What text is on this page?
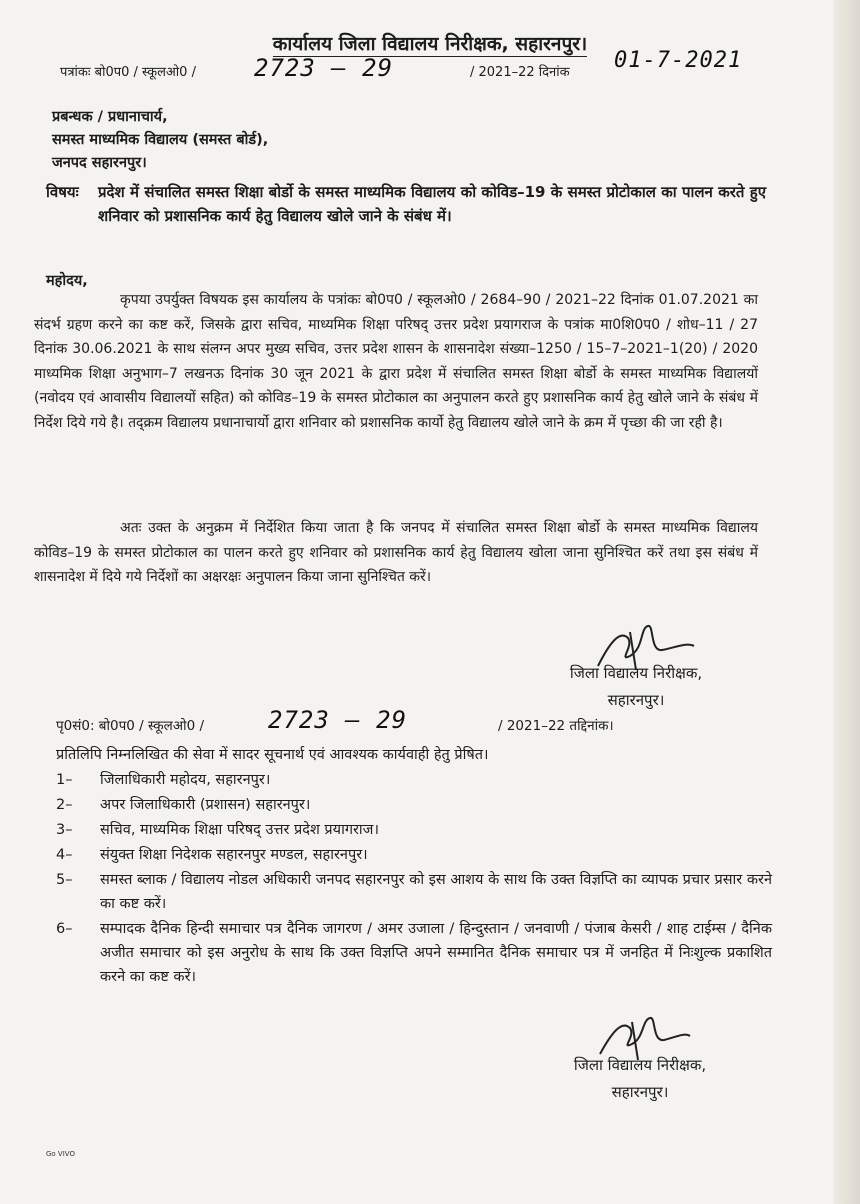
कार्यालय जिला विद्यालय निरीक्षक, सहारनपुर।
पत्रांकः बो0प0 / स्कूलओ0 / 2723 – 29	/ 2021–22 दिनांक 01-7-2021
प्रबन्धक / प्रधानाचार्य,
समस्त माध्यमिक विद्यालय (समस्त बोर्ड),
जनपद सहारनपुर।
विषयः	प्रदेश में संचालित समस्त शिक्षा बोर्डो के समस्त माध्यमिक विद्यालय को कोविड–19 के समस्त प्रोटोकाल का पालन करते हुए शनिवार को प्रशासनिक कार्य हेतु विद्यालय खोले जाने के संबंध में।
महोदय,
कृपया उपर्युक्त विषयक इस कार्यालय के पत्रांकः बो0प0 / स्कूलओ0 / 2684–90 / 2021–22 दिनांक 01.07.2021 का संदर्भ ग्रहण करने का कष्ट करें, जिसके द्वारा सचिव, माध्यमिक शिक्षा परिषद् उत्तर प्रदेश प्रयागराज के पत्रांक मा0शि0प0 / शोध–11 / 27 दिनांक 30.06.2021 के साथ संलग्न अपर मुख्य सचिव, उत्तर प्रदेश शासन के शासनादेश संख्या–1250 / 15–7–2021–1(20) / 2020 माध्यमिक शिक्षा अनुभाग–7 लखनऊ दिनांक 30 जून 2021 के द्वारा प्रदेश में संचालित समस्त शिक्षा बोर्डो के समस्त माध्यमिक विद्यालयों (नवोदय एवं आवासीय विद्यालयों सहित) को कोविड–19 के समस्त प्रोटोकाल का अनुपालन करते हुए प्रशासनिक कार्य हेतु खोले जाने के संबंध में निर्देश दिये गये है। तद्क्रम विद्यालय प्रधानाचार्यो द्वारा शनिवार को प्रशासनिक कार्यो हेतु विद्यालय खोले जाने के क्रम में पृच्छा की जा रही है।
अतः उक्त के अनुक्रम में निर्देशित किया जाता है कि जनपद में संचालित समस्त शिक्षा बोर्डो के समस्त माध्यमिक विद्यालय कोविड–19 के समस्त प्रोटोकाल का पालन करते हुए शनिवार को प्रशासनिक कार्य हेतु विद्यालय खोला जाना सुनिश्चित करें तथा इस संबंध में शासनादेश में दिये गये निर्देशों का अक्षरक्षः अनुपालन किया जाना सुनिश्चित करें।
जिला विद्यालय निरीक्षक,
सहारनपुर।
पृ0सं0: बो0प0 / स्कूलओ0 /	2723 – 29	/ 2021–22 तद्दिनांक।
प्रतिलिपि निम्नलिखित की सेवा में सादर सूचनार्थ एवं आवश्यक कार्यवाही हेतु प्रेषित।
1–	जिलाधिकारी महोदय, सहारनपुर।
2–	अपर जिलाधिकारी (प्रशासन) सहारनपुर।
3–	सचिव, माध्यमिक शिक्षा परिषद् उत्तर प्रदेश प्रयागराज।
4–	संयुक्त शिक्षा निदेशक सहारनपुर मण्डल, सहारनपुर।
5–	समस्त ब्लाक / विद्यालय नोडल अधिकारी जनपद सहारनपुर को इस आशय के साथ कि उक्त विज्ञप्ति का व्यापक प्रचार प्रसार करने का कष्ट करें।
6–	सम्पादक दैनिक हिन्दी समाचार पत्र दैनिक जागरण / अमर उजाला / हिन्दुस्तान / जनवाणी / पंजाब केसरी / शाह टाईम्स / दैनिक अजीत समाचार को इस अनुरोध के साथ कि उक्त विज्ञप्ति अपने सम्मानित दैनिक समाचार पत्र में जनहित में निःशुल्क प्रकाशित करने का कष्ट करें।
जिला विद्यालय निरीक्षक,
सहारनपुर।
Go VIVO
